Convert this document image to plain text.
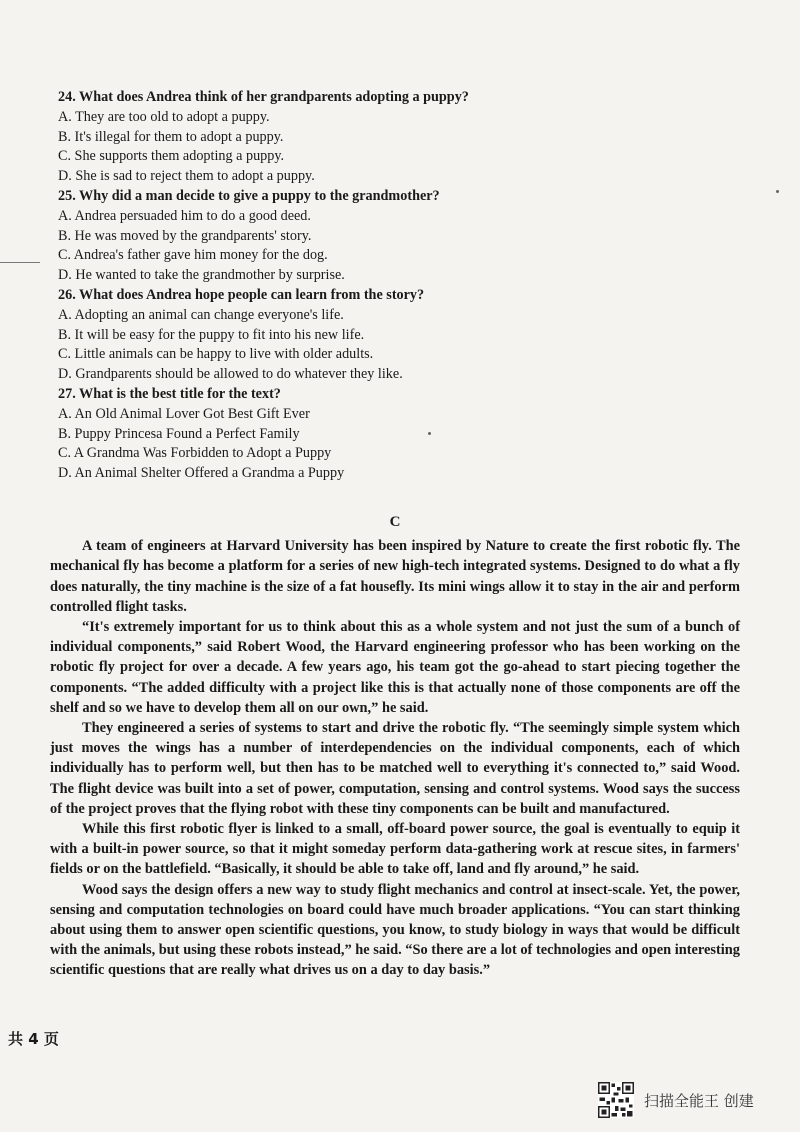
24. What does Andrea think of her grandparents adopting a puppy?
A. They are too old to adopt a puppy.
B. It's illegal for them to adopt a puppy.
C. She supports them adopting a puppy.
D. She is sad to reject them to adopt a puppy.
25. Why did a man decide to give a puppy to the grandmother?
A. Andrea persuaded him to do a good deed.
B. He was moved by the grandparents' story.
C. Andrea's father gave him money for the dog.
D. He wanted to take the grandmother by surprise.
26. What does Andrea hope people can learn from the story?
A. Adopting an animal can change everyone's life.
B. It will be easy for the puppy to fit into his new life.
C. Little animals can be happy to live with older adults.
D. Grandparents should be allowed to do whatever they like.
27. What is the best title for the text?
A. An Old Animal Lover Got Best Gift Ever
B. Puppy Princesa Found a Perfect Family
C. A Grandma Was Forbidden to Adopt a Puppy
D. An Animal Shelter Offered a Grandma a Puppy
C

A team of engineers at Harvard University has been inspired by Nature to create the first robotic fly. The mechanical fly has become a platform for a series of new high-tech integrated systems. Designed to do what a fly does naturally, the tiny machine is the size of a fat housefly. Its mini wings allow it to stay in the air and perform controlled flight tasks.

“It's extremely important for us to think about this as a whole system and not just the sum of a bunch of individual components,” said Robert Wood, the Harvard engineering professor who has been working on the robotic fly project for over a decade. A few years ago, his team got the go-ahead to start piecing together the components. “The added difficulty with a project like this is that actually none of those components are off the shelf and so we have to develop them all on our own,” he said.

They engineered a series of systems to start and drive the robotic fly. “The seemingly simple system which just moves the wings has a number of interdependencies on the individual components, each of which individually has to perform well, but then has to be matched well to everything it's connected to,” said Wood. The flight device was built into a set of power, computation, sensing and control systems. Wood says the success of the project proves that the flying robot with these tiny components can be built and manufactured.

While this first robotic flyer is linked to a small, off-board power source, the goal is eventually to equip it with a built-in power source, so that it might someday perform data-gathering work at rescue sites, in farmers' fields or on the battlefield. “Basically, it should be able to take off, land and fly around,” he said.

Wood says the design offers a new way to study flight mechanics and control at insect-scale. Yet, the power, sensing and computation technologies on board could have much broader applications. “You can start thinking about using them to answer open scientific questions, you know, to study biology in ways that would be difficult with the animals, but using these robots instead,” he said. “So there are a lot of technologies and open interesting scientific questions that are really what drives us on a day to day basis.”

共 4 页
扫描全能王 创建
